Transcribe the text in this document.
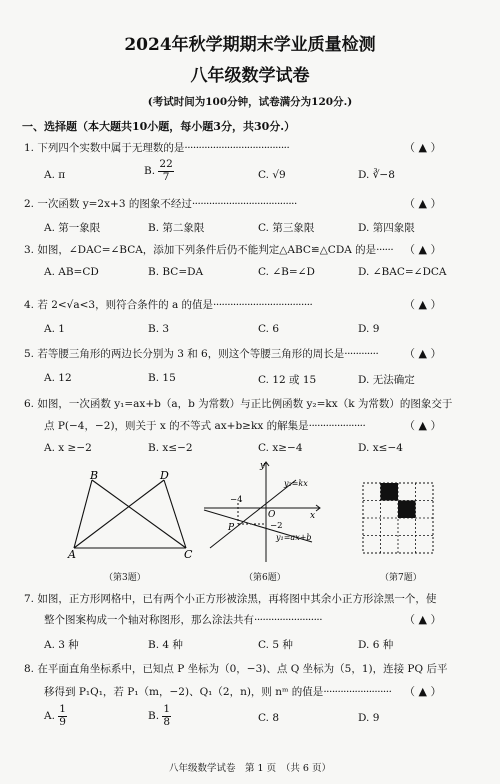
2024年秋学期期末学业质量检测
八年级数学试卷
(考试时间为100分钟，试卷满分为120分.)
一、选择题（本大题共10小题，每小题3分，共30分.）
1. 下列四个实数中属于无理数的是·····································	（ ▲ ）
A. π	B. $\frac{22}{7}$	C. √9	D. ∛−8
2. 一次函数 y=2x+3 的图象不经过·····································	（ ▲ ）
A. 第一象限	B. 第二象限	C. 第三象限	D. 第四象限
3. 如图，∠DAC=∠BCA，添加下列条件后仍不能判定△ABC≌△CDA 的是······ （ ▲ ）
A. AB=CD	B. BC=DA	C. ∠B=∠D	D. ∠BAC=∠DCA
4. 若 2<√a<3，则符合条件的 a 的值是···································	（ ▲ ）
A. 1	B. 3	C. 6	D. 9
5. 若等腰三角形的两边长分别为 3 和 6，则这个等腰三角形的周长是············ （ ▲ ）
A. 12	B. 15	C. 12 或 15	D. 无法确定
6. 如图，一次函数 y₁=ax+b（a，b 为常数）与正比例函数 y₂=kx（k 为常数）的图象交于
点 P(−4，−2)，则关于 x 的不等式 ax+b≥kx 的解集是····················	（ ▲ ）
A. x ≥−2	B. x≤−2	C. x≥−4	D. x≤−4
A
B
C
D
（第3题）
y
x
O
P
−4
−2
y₂=kx
y₁=ax+b
（第6题）	（第7题）
7. 如图，正方形网格中，已有两个小正方形被涂黑，再将图中其余小正方形涂黑一个，使
整个图案构成一个轴对称图形，那么涂法共有························	（ ▲ ）
A. 3 种	B. 4 种	C. 5 种	D. 6 种
8. 在平面直角坐标系中，已知点 P 坐标为（0，−3)、点 Q 坐标为（5，1)，连接 PQ 后平
移得到 P₁Q₁，若 P₁（m，−2)、Q₁（2，n)，则 nᵐ 的值是························ （ ▲ ）
A. $\frac{1}{9}$	B. $\frac{1}{8}$	C. 8	D. 9
八年级数学试卷　第 1 页　（共 6 页）
